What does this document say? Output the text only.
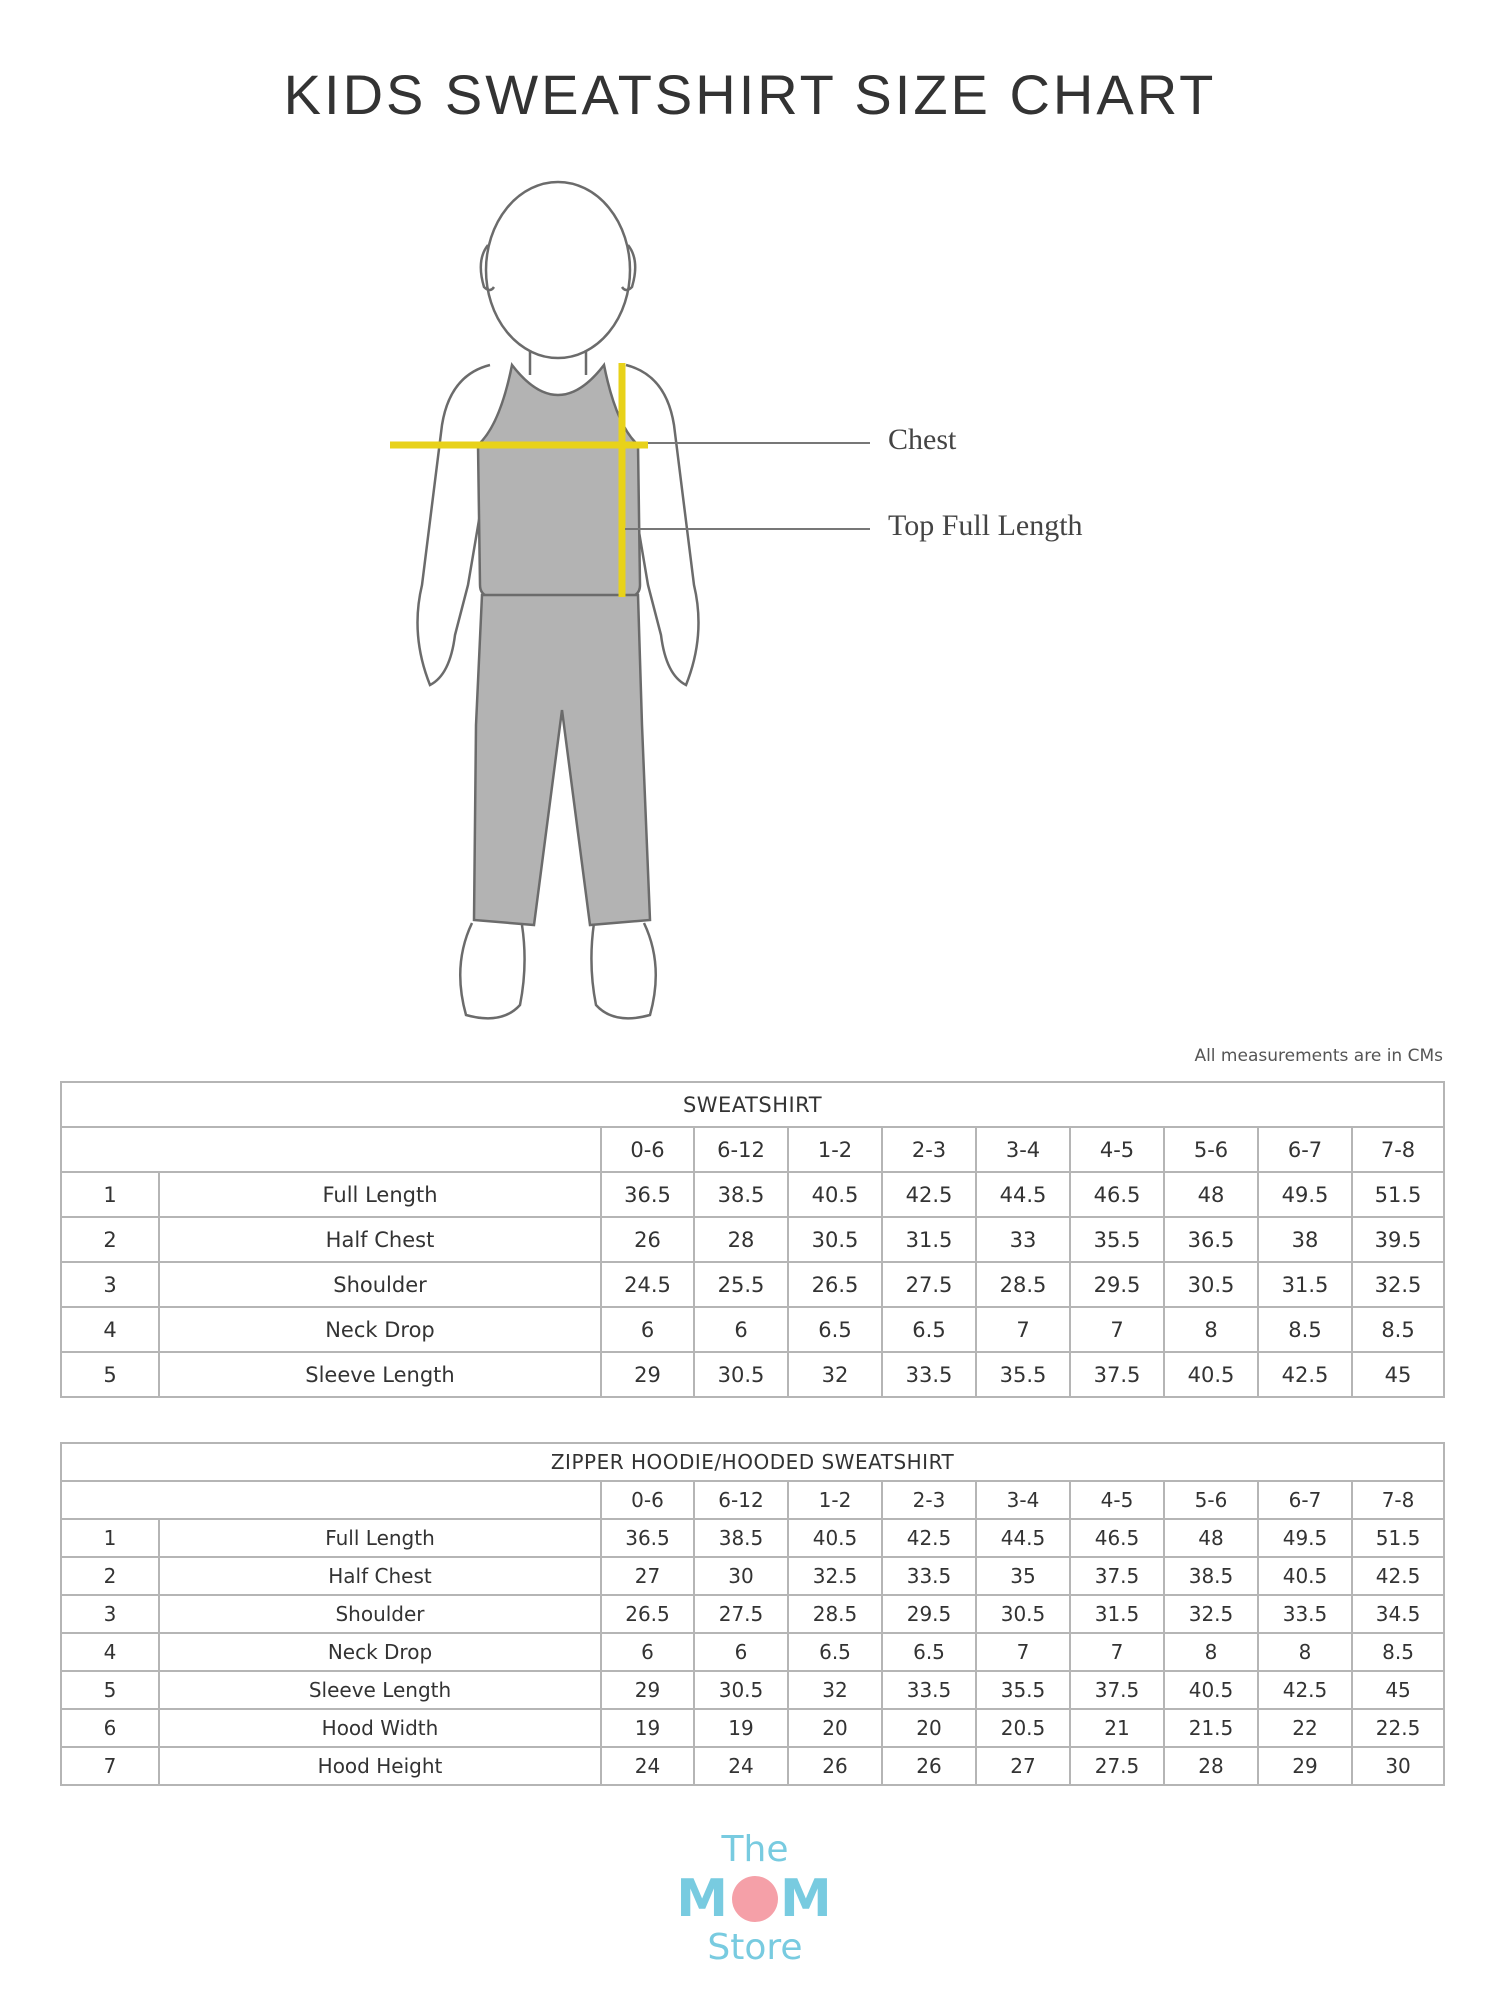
KIDS SWEATSHIRT SIZE CHART
Chest
Top Full Length
All measurements are in CMs
SWEATSHIRT										
		0-6	6-12	1-2	2-3	3-4	4-5	5-6	6-7	7-8
1	Full Length	36.5	38.5	40.5	42.5	44.5	46.5	48	49.5	51.5
2	Half Chest	26	28	30.5	31.5	33	35.5	36.5	38	39.5
3	Shoulder	24.5	25.5	26.5	27.5	28.5	29.5	30.5	31.5	32.5
4	Neck Drop	6	6	6.5	6.5	7	7	8	8.5	8.5
5	Sleeve Length	29	30.5	32	33.5	35.5	37.5	40.5	42.5	45
ZIPPER HOODIE/HOODED SWEATSHIRT										
		0-6	6-12	1-2	2-3	3-4	4-5	5-6	6-7	7-8
1	Full Length	36.5	38.5	40.5	42.5	44.5	46.5	48	49.5	51.5
2	Half Chest	27	30	32.5	33.5	35	37.5	38.5	40.5	42.5
3	Shoulder	26.5	27.5	28.5	29.5	30.5	31.5	32.5	33.5	34.5
4	Neck Drop	6	6	6.5	6.5	7	7	8	8	8.5
5	Sleeve Length	29	30.5	32	33.5	35.5	37.5	40.5	42.5	45
6	Hood Width	19	19	20	20	20.5	21	21.5	22	22.5
7	Hood Height	24	24	26	26	27	27.5	28	29	30
The
M M
Store
